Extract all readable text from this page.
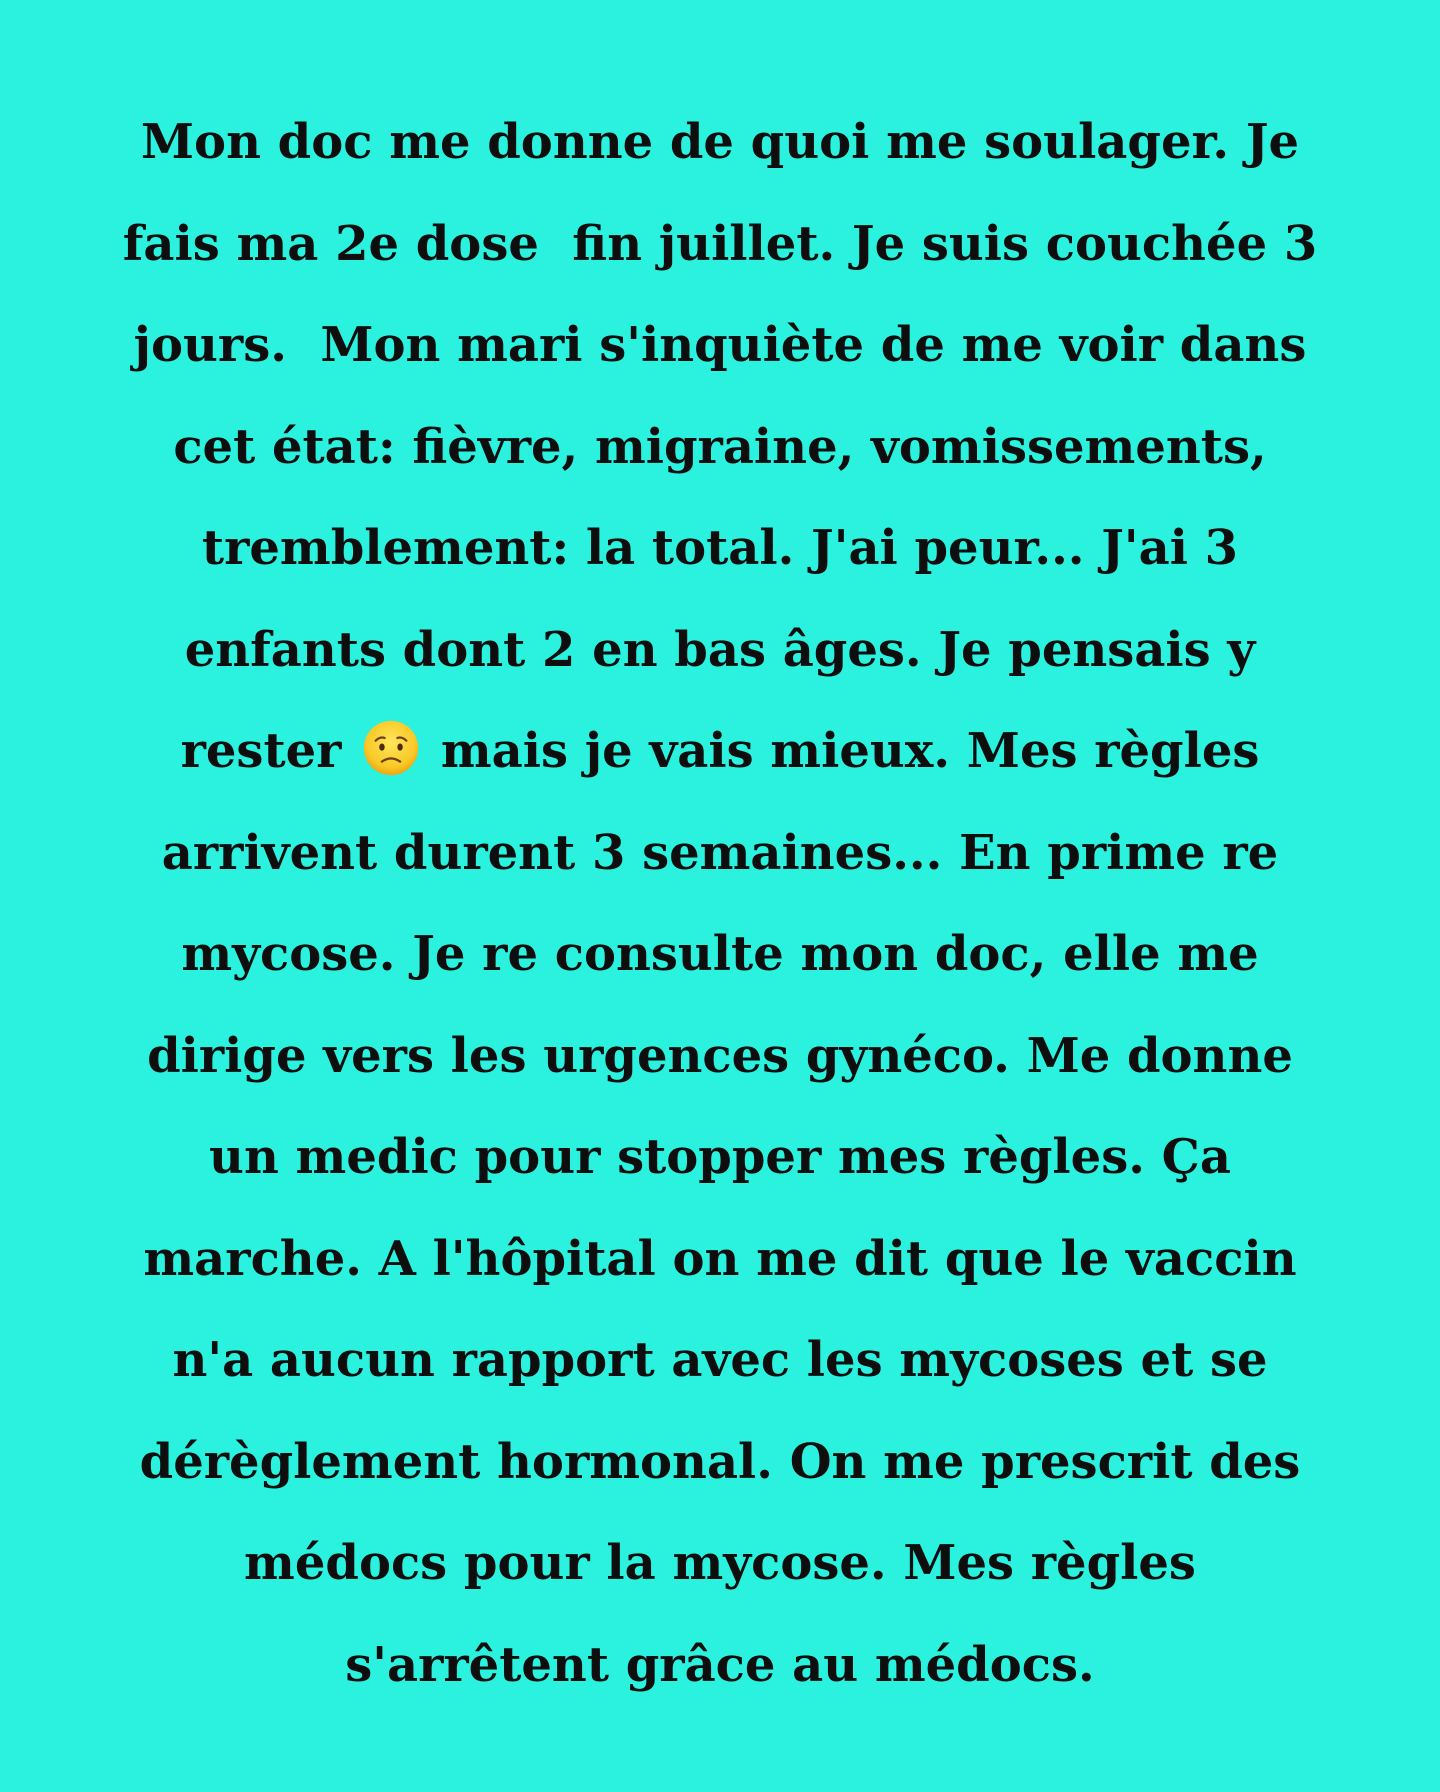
Mon doc me donne de quoi me soulager. Je
fais ma 2e dose  fin juillet. Je suis couchée 3
jours.  Mon mari s'inquiète de me voir dans
cet état: fièvre, migraine, vomissements,
tremblement: la total. J'ai peur... J'ai 3
enfants dont 2 en bas âges. Je pensais y
rester  mais je vais mieux. Mes règles
arrivent durent 3 semaines... En prime re
mycose. Je re consulte mon doc, elle me
dirige vers les urgences gynéco. Me donne
un medic pour stopper mes règles. Ça
marche. A l'hôpital on me dit que le vaccin
n'a aucun rapport avec les mycoses et se
dérèglement hormonal. On me prescrit des
médocs pour la mycose. Mes règles
s'arrêtent grâce au médocs.
